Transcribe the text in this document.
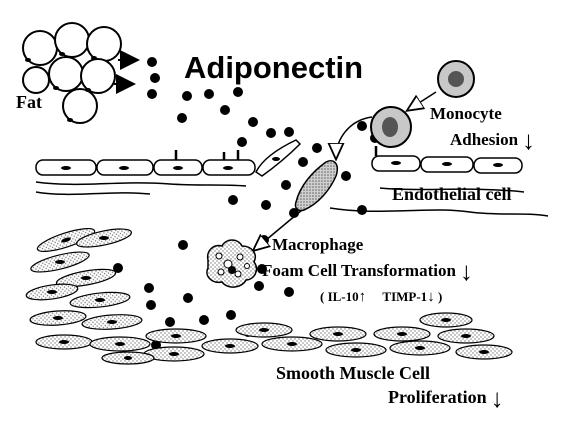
Fat
Adiponectin
Monocyte
Adhesion ↓
Endothelial cell
Macrophage
Foam Cell Transformation ↓
( IL-10↑ TIMP-1↓ )
Smooth Muscle Cell
Proliferation ↓
